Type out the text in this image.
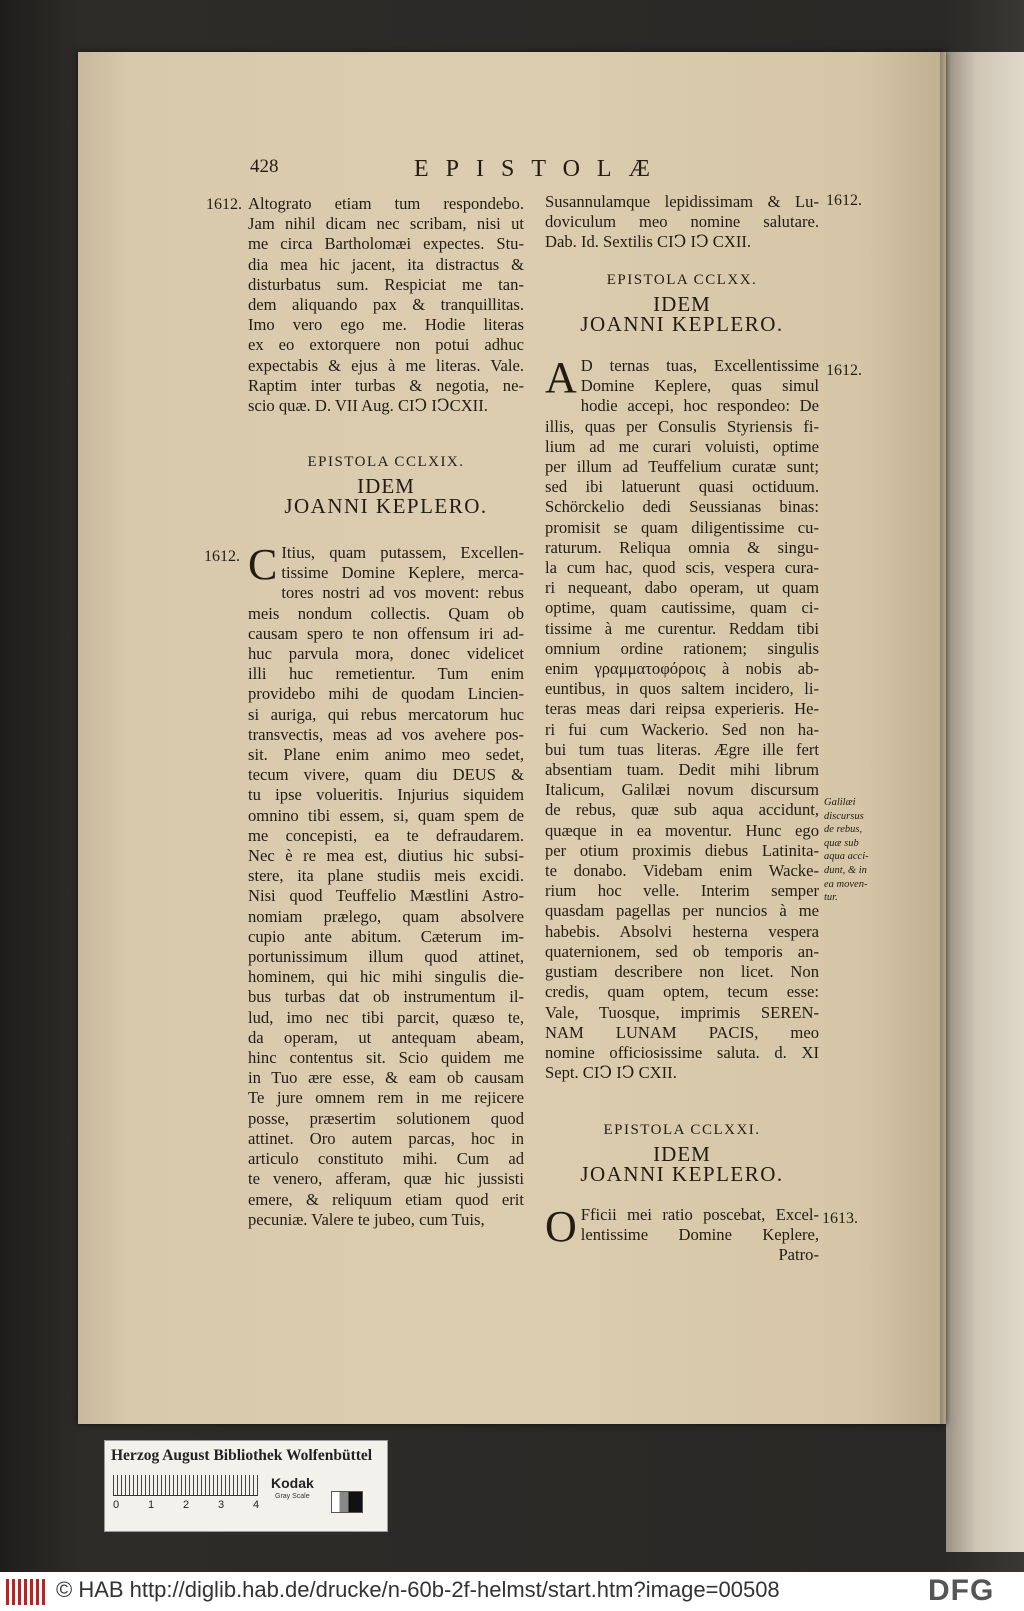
428	EPISTOLÆ
1612. Altograto etiam tum respondebo.
Jam nihil dicam nec scribam, nisi ut
me circa Bartholomæi expectes. Stu-
dia mea hic jacent, ita distractus &
disturbatus sum. Respiciat me tan-
dem aliquando pax & tranquillitas.
Imo vero ego me. Hodie literas
ex eo extorquere non potui adhuc
expectabis & ejus à me literas. Vale.
Raptim inter turbas & negotia, ne-
scio quæ. D. VII Aug. CIↃ IↃCXII.

EPISTOLA CCLXIX.

IDEM

JOANNI KEPLERO.

1612. C Itius, quam putassem, Excellen-
tissime Domine Keplere, merca-
tores nostri ad vos movent: rebus
meis nondum collectis. Quam ob
causam spero te non offensum iri ad-
huc parvula mora, donec videlicet
illi huc remetientur. Tum enim
providebo mihi de quodam Lincien-
si auriga, qui rebus mercatorum huc
transvectis, meas ad vos avehere pos-
sit. Plane enim animo meo sedet,
tecum vivere, quam diu DEUS &
tu ipse volueritis. Injurius siquidem
omnino tibi essem, si, quam spem de
me concepisti, ea te defraudarem.
Nec è re mea est, diutius hic subsi-
stere, ita plane studiis meis excidi.
Nisi quod Teuffelio Mæstlini Astro-
nomiam prælego, quam absolvere
cupio ante abitum. Cæterum im-
portunissimum illum quod attinet,
hominem, qui hic mihi singulis die-
bus turbas dat ob instrumentum il-
lud, imo nec tibi parcit, quæso te,
da operam, ut antequam abeam,
hinc contentus sit. Scio quidem me
in Tuo ære esse, & eam ob causam
Te jure omnem rem in me rejicere
posse, præsertim solutionem quod
attinet. Oro autem parcas, hoc in
articulo constituto mihi. Cum ad
te venero, afferam, quæ hic jussisti
emere, & reliquum etiam quod erit
pecuniæ. Valere te jubeo, cum Tuis,
1612.
Susannulamque lepidissimam & Lu-
doviculum meo nomine salutare.
Dab. Id. Sextilis CIↃ IↃ CXII.

EPISTOLA CCLXX.

IDEM

JOANNI KEPLERO.

1612.
A D ternas tuas, Excellentissime
Domine Keplere, quas simul
hodie accepi, hoc respondeo: De
illis, quas per Consulis Styriensis fi-
lium ad me curari voluisti, optime
per illum ad Teuffelium curatæ sunt;
sed ibi latuerunt quasi octiduum.
Schörckelio dedi Seussianas binas:
promisit se quam diligentissime cu-
raturum. Reliqua omnia & singu-
la cum hac, quod scis, vespera cura-
ri nequeant, dabo operam, ut quam
optime, quam cautissime, quam ci-
tissime à me curentur. Reddam tibi
omnium ordine rationem; singulis
enim γραμματοφόροις à nobis ab-
euntibus, in quos saltem incidero, li-
teras meas dari reipsa experieris. He-
ri fui cum Wackerio. Sed non ha-
bui tum tuas literas. Ægre ille fert
absentiam tuam. Dedit mihi librum
Italicum, Galilæi novum discursum
de rebus, quæ sub aqua accidunt,
quæque in ea moventur. Hunc ego
per otium proximis diebus Latinita-
te donabo. Videbam enim Wacke-
rium hoc velle. Interim semper
quasdam pagellas per nuncios à me
habebis. Absolvi hesterna vespera
quaternionem, sed ob temporis an-
gustiam describere non licet. Non
credis, quam optem, tecum esse:
Vale, Tuosque, imprimis SEREN-
NAM LUNAM PACIS, meo
nomine officiosissime saluta. d. XI
Sept. CIↃ IↃ CXII.
Galilæi
discursus
de rebus,
quæ sub
aqua acci-
dunt, & in
ea moven-
tur.

EPISTOLA CCLXXI.

IDEM

JOANNI KEPLERO.

1613.
O Fficii mei ratio poscebat, Excel-
lentissime Domine Keplere,
Patro-
Herzog August Bibliothek Wolfenbüttel
0	1	2	3	4
Kodak
Gray Scale
© HAB http://diglib.hab.de/drucke/n-60b-2f-helmst/start.htm?image=00508	DFG
